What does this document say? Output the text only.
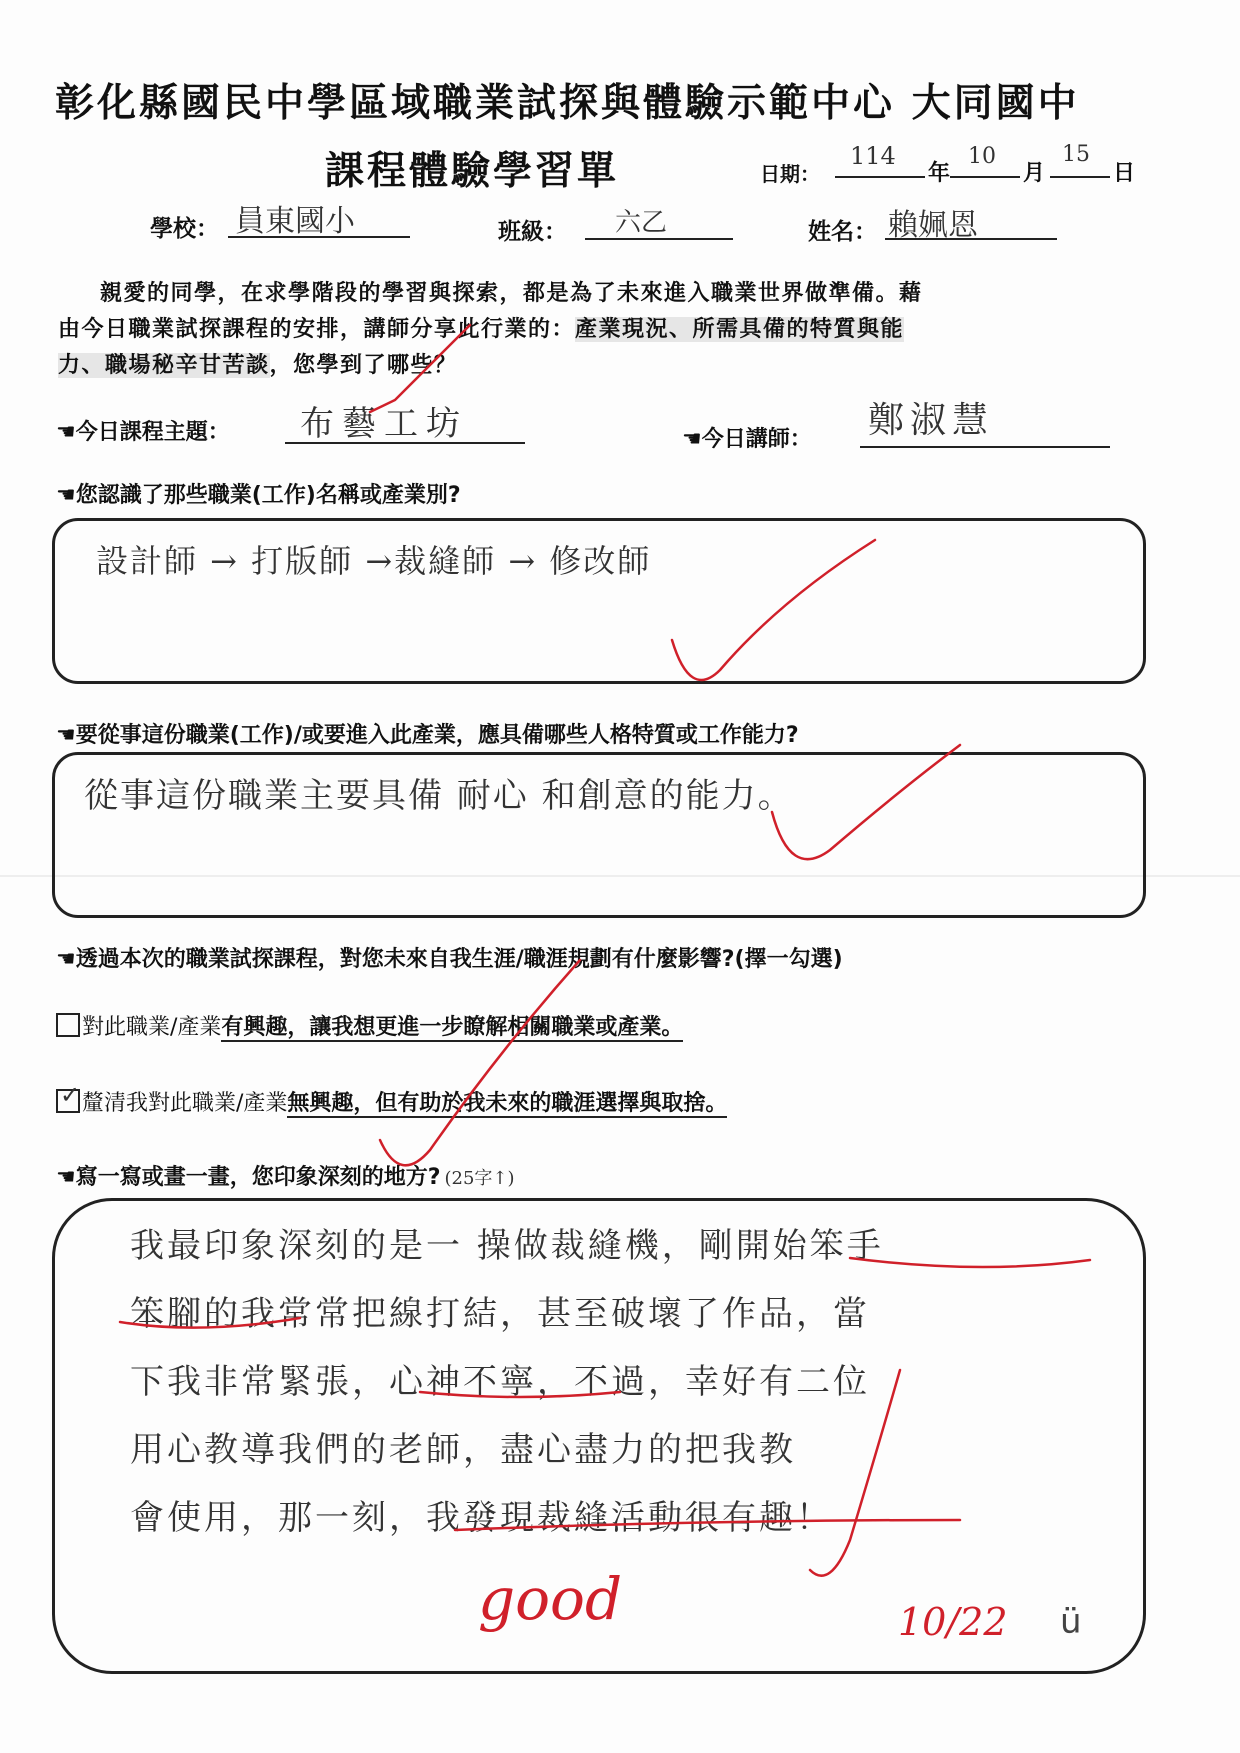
彰化縣國民中學區域職業試探與體驗示範中心 大同國中
課程體驗學習單	日期：
114
年
10
月
15
日
學校： 員東國小	班級： 六乙	姓名： 賴姵恩
親愛的同學，在求學階段的學習與探索，都是為了未來進入職業世界做準備。藉
由今日職業試探課程的安排，講師分享此行業的：產業現況、所需具備的特質與能
力、職場秘辛甘苦談，您學到了哪些？
☚今日課程主題： 布藝工坊	☚今日講師： 鄭淑慧
☚您認識了那些職業(工作)名稱或產業別?
設計師 → 打版師 →裁縫師 → 修改師
☚要從事這份職業(工作)/或要進入此產業，應具備哪些人格特質或工作能力?
從事這份職業主要具備 耐心 和創意的能力。
☚透過本次的職業試探課程，對您未來自我生涯/職涯規劃有什麼影響?(擇一勾選)
對此職業/產業有興趣，讓我想更進一步瞭解相關職業或產業。
✓ 釐清我對此職業/產業無興趣，但有助於我未來的職涯選擇與取捨。
☚寫一寫或畫一畫，您印象深刻的地方? (25字↑)
我最印象深刻的是一 操做裁縫機，剛開始笨手
笨腳的我常常把線打結，甚至破壞了作品，當
下我非常緊張，心神不寧，不過，幸好有二位
用心教導我們的老師，盡心盡力的把我教
會使用，那一刻，我發現裁縫活動很有趣！
good	10/22 ü
